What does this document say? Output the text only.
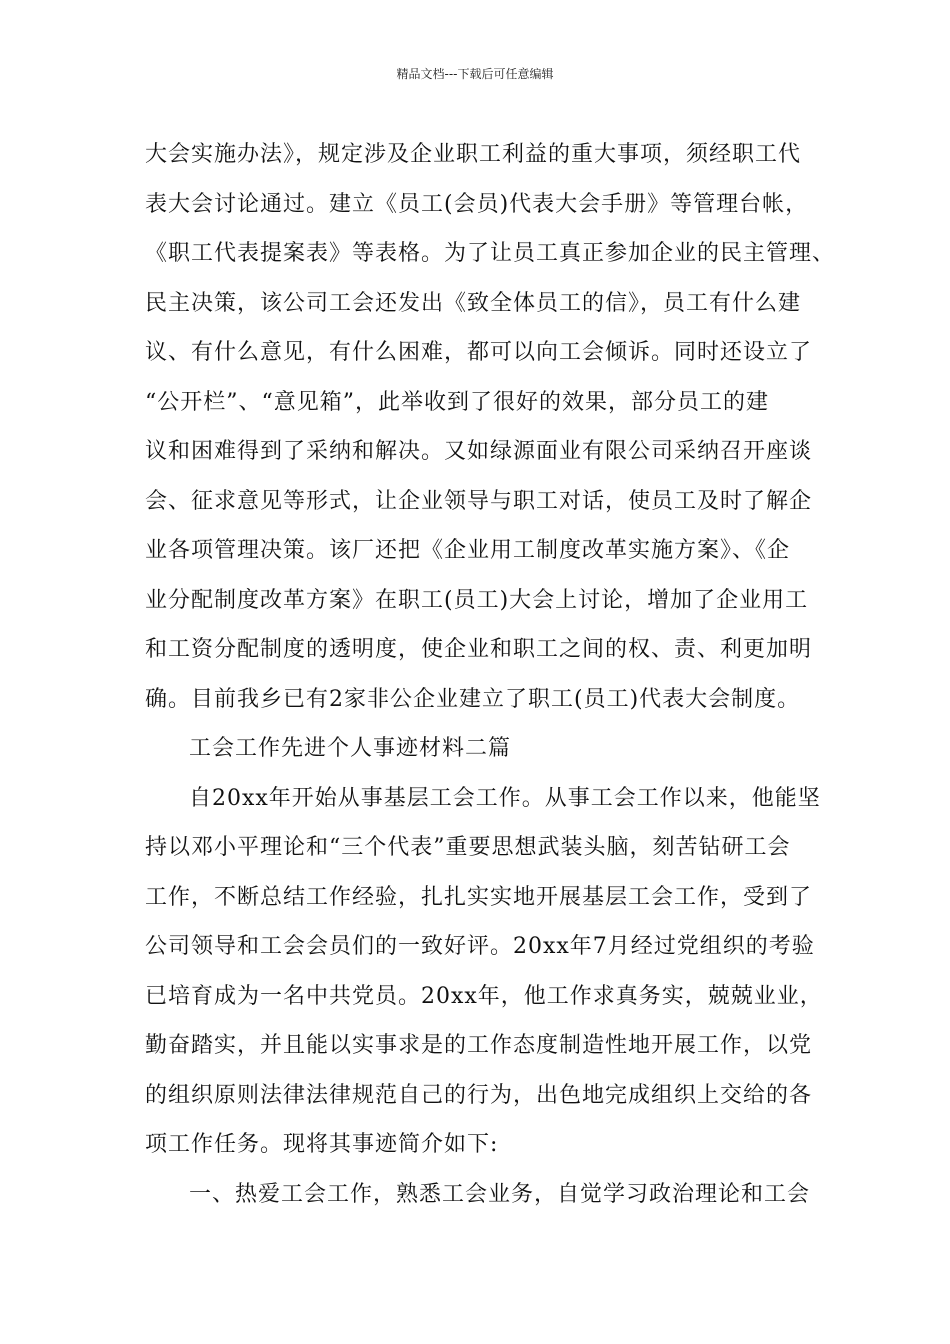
精品文档---下载后可任意编辑
大会实施办法》，规定涉及企业职工利益的重大事项，须经职工代
表大会讨论通过。建立《员工(会员)代表大会手册》等管理台帐，
《职工代表提案表》等表格。为了让员工真正参加企业的民主管理、
民主决策，该公司工会还发出《致全体员工的信》，员工有什么建
议、有什么意见，有什么困难，都可以向工会倾诉。同时还设立了
“公开栏”、“意见箱”，此举收到了很好的效果，部分员工的建
议和困难得到了采纳和解决。又如绿源面业有限公司采纳召开座谈
会、征求意见等形式，让企业领导与职工对话，使员工及时了解企
业各项管理决策。该厂还把《企业用工制度改革实施方案》、《企
业分配制度改革方案》在职工(员工)大会上讨论，增加了企业用工
和工资分配制度的透明度，使企业和职工之间的权、责、利更加明
确。目前我乡已有2家非公企业建立了职工(员工)代表大会制度。
工会工作先进个人事迹材料二篇
自20xx年开始从事基层工会工作。从事工会工作以来，他能坚
持以邓小平理论和“三个代表”重要思想武装头脑，刻苦钻研工会
工作，不断总结工作经验，扎扎实实地开展基层工会工作，受到了
公司领导和工会会员们的一致好评。20xx年7月经过党组织的考验
已培育成为一名中共党员。20xx年，他工作求真务实，兢兢业业，
勤奋踏实，并且能以实事求是的工作态度制造性地开展工作，以党
的组织原则法律法律规范自己的行为，出色地完成组织上交给的各
项工作任务。现将其事迹简介如下:
一、热爱工会工作，熟悉工会业务，自觉学习政治理论和工会
